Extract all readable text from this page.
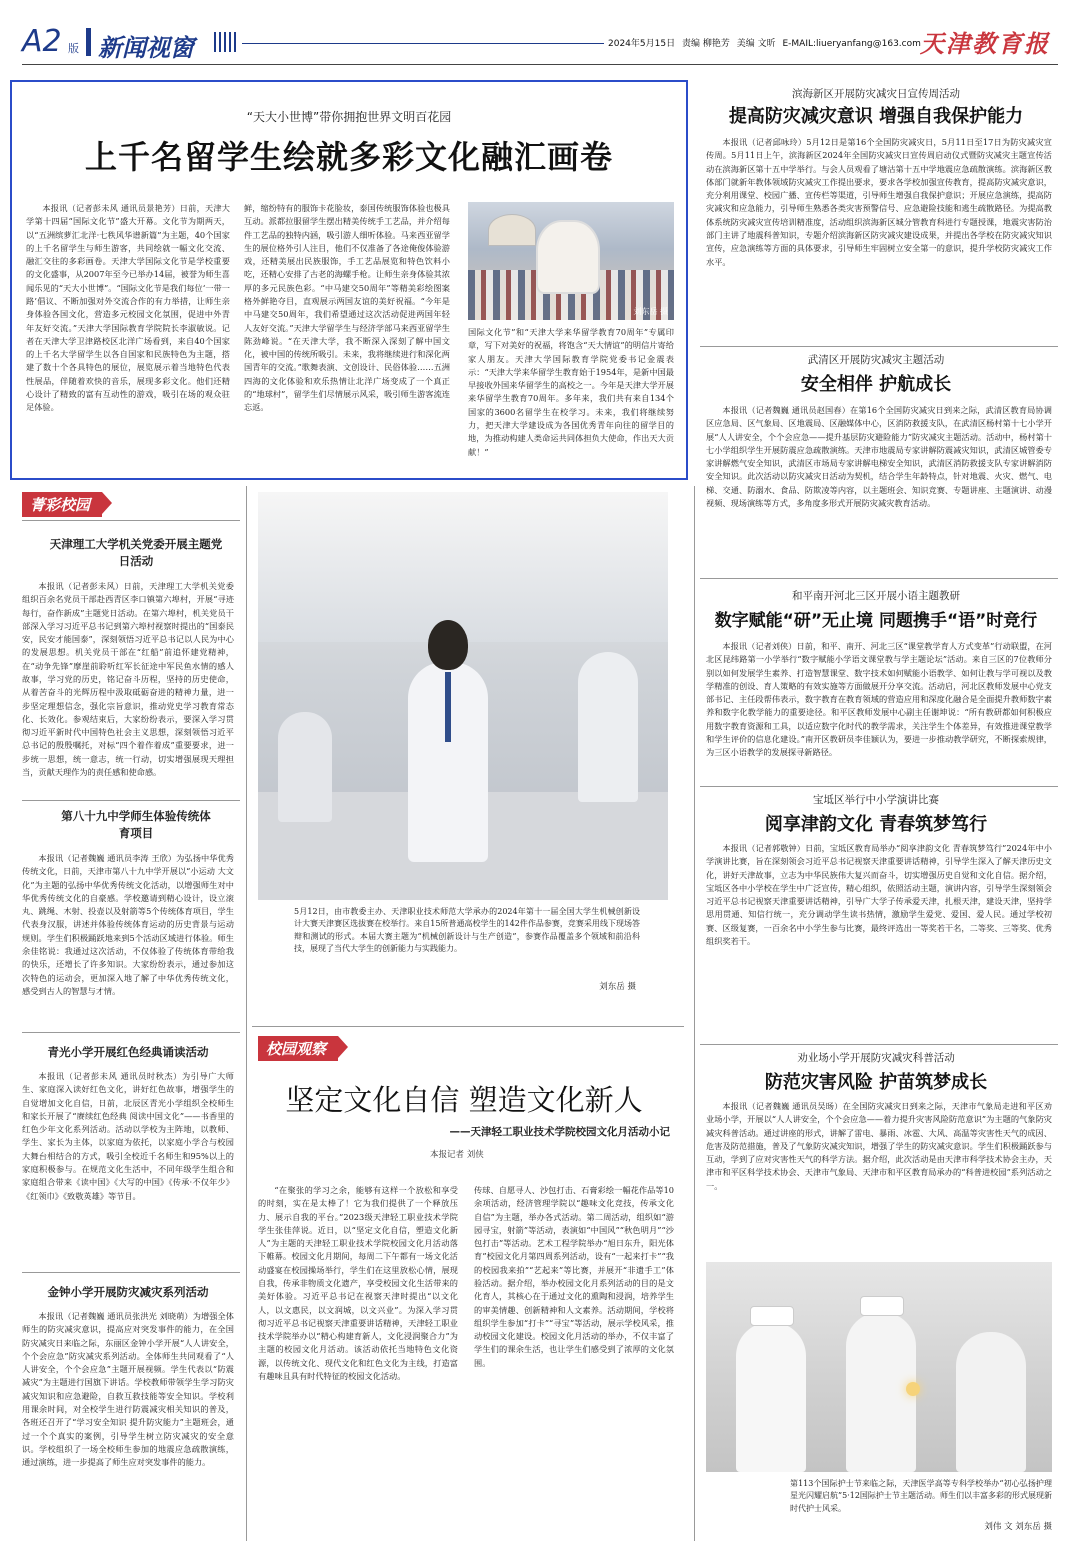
A2 版 新闻视窗	2024年5月15日 责编 柳艳芳 美编 文昕 E-MAIL:liueryanfang@163.com 天津教育报
“天大小世博”带你拥抱世界文明百花园
上千名留学生绘就多彩文化融汇画卷

本报讯（记者彭未风 通讯员景艳芳）日前，天津大学第十四届“国际文化节”盛大开幕。文化节为期两天，以“五洲缤萝汇北洋·七秩风华谱新篇”为主题，40个国家的上千名留学生与师生游客，共同绘就一幅文化交流、融汇交往的多彩画卷。天津大学国际文化节是学校重要的文化盛事，从2007年至今已举办14届，被誉为师生喜闻乐见的“天大小世博”。“国际文化节是我们每位‘一带一路’倡议、不断加强对外交流合作的有力举措，让师生亲身体验各国文化，营造多元校园文化氛围，促进中外青年友好交流。”天津大学国际教育学院院长李淑敏说。记者在天津大学卫津路校区北洋广场看到，来自40个国家的上千名大学留学生以各自国家和民族特色为主题，搭建了数十个各具特色的展位，展览展示着当地特色代表性展品，伴随着欢快的音乐，展现多彩文化。他们还精心设计了精致的富有互动性的游戏，吸引在场的观众驻足体验。

鲜，缩纷特有的服饰卡花脸妆，泰国传统服饰体验也极具互动。派都拉服留学生摆出精美传统手工艺品，并介绍每件工艺品的独特内涵，吸引游人细听体验。马来西亚留学生的展位格外引人注目，他们不仅准备了各途俺俊体验游戏，还精美展出民族服饰，手工艺品展览和特色饮料小吃，还精心安排了古老的海螺手枪。让师生亲身体验其浓厚的多元民族色彩。“中马建交50周年”等精美彩绘图案格外鲜艳夺目，直观展示两国友谊的美好祝福。“今年是中马建交50周年，我们希望通过这次活动促进两国年轻人友好交流。”天津大学留学生与经济学部马来西亚留学生陈劲峰说。“在天津大学，我不断深入深刻了解中国文化，被中国的传统所吸引。未来，我将继续进行和深化两国青年的交流。”歌舞表演、文创设计、民俗体验……五洲四海的文化体验和欢乐热情让北洋广场变成了一个真正的“地球村”，留学生们尽情展示风采，吸引师生游客流连忘返。

刘东岳 摄

国际文化节”和“天津大学来华留学教育70周年”专属印章，写下对美好的祝福，将饱含“天大情谊”的明信片寄给家人朋友。天津大学国际教育学院党委书记金震表示：“天津大学来华留学生教育始于1954年，是新中国最早接收外国来华留学生的高校之一。今年是天津大学开展来华留学生教育70周年。多年来，我们共有来自134个国家的3600名留学生在校学习。未来，我们将继续努力，把天津大学建设成为各国优秀青年向往的留学目的地，为推动构建人类命运共同体担负大使命，作出天大贡献！”

菁彩校园
天津理工大学机关党委开展主题党日活动

本报讯（记者彭未风）日前，天津理工大学机关党委组织百余名党员干部赴西青区李口镇第六埠村，开展“寻迹每行，奋作新成”主题党日活动。在第六埠村，机关党员干部深入学习习近平总书记到第六埠村视察时提出的“国泰民安，民安才能国泰”，深刻领悟习近平总书记以人民为中心的发展思想。机关党员干部在“红船”前追怀建党精神，在“动争先锋”摩崖前聆听红军长征途中军民鱼水情的感人故事，学习党的历史，铭记奋斗历程，坚持的历史使命，从着苦奋斗的光辉历程中汲取砥砺奋进的精神力量，进一步坚定理想信念，强化宗旨意识，推动党史学习教育常态化、长效化。参观结束后，大家纷纷表示，要深入学习贯彻习近平新时代中国特色社会主义思想，深刻领悟习近平总书记的殷殷嘱托，对标“四个着作着成”重要要求，进一步统一思想，统一意志，统一行动，切实增强展现天理担当，贡献天理作为的责任感和使命感。

第八十九中学师生体验传统体育项目

本报讯（记者魏巍 通讯员李涛 王欣）为弘扬中华优秀传统文化，日前，天津市第八十九中学开展以“小运动 大文化”为主题的弘扬中华优秀传统文化活动，以增强师生对中华优秀传统文化的自豪感。学校邀请到精心设计，设立滚丸、跳绳、木射、投壶以及射箭等5个传统体育项目，学生代表身汉服，讲述并体验传统体育运动的历史背景与运动规则。学生们积极踊跃地来到5个活动区域进行体验。师生余佳铭说：我通过这次活动，不仅体验了传统体育带给我的快乐，还增长了许多知识。大家纷纷表示，通过参加这次特色的运动会，更加深入地了解了中华优秀传统文化，感受到古人的智慧与才情。

青光小学开展红色经典诵读活动

本报讯（记者彭未风 通讯员时秋杰）为引导广大师生、家庭深入读好红色文化，讲好红色故事，增强学生的自觉增加文化自信，日前，北辰区青光小学组织全校师生和家长开展了“赓续红色经典 阅读中国文化”——书香里的红色少年文化系列活动。活动以学校为主阵地，以教师、学生、家长为主体，以家庭为依托，以家庭小学合与校园大舞台相结合的方式，吸引全校近千名师生和95%以上的家庭积极参与。在规范文化生活中，不同年级学生组合和家庭组合带来《读中国》《大写的中国》《传承·不仅年少》《红领巾》《致敬英雄》等节目。

金钟小学开展防灾减灾系列活动

本报讯（记者魏巍 通讯员张洪光 刘晓萌）为增强全体师生的防灾减灾意识，提高应对突发事件的能力，在全国防灾减灾日来临之际，东丽区金钟小学开展“人人讲安全，个个会应急”防灾减灾系列活动。全体师生共同观看了“人人讲安全，个个会应急”主题开展视频。学生代表以“防震减灾”为主题进行国旗下讲话。学校教师带领学生学习防灾减灾知识和应急避险，自救互救技能等安全知识。学校利用课余时间，对全校学生进行防震减灾相关知识的普及，各班还召开了“学习安全知识 提升防灾能力”主题班会，通过一个个真实的案例，引导学生树立防灾减灾的安全意识。学校组织了一场全校师生参加的地震应急疏散演练，通过演练，进一步提高了师生应对突发事件的能力。

5月12日，由市教委主办、天津职业技术师范大学承办的2024年第十一届全国大学生机械创新设计大赛天津赛区选拔赛在校举行。来自15所普通高校学生的142件作品参赛，竞赛采用线下现场答辩和测试的形式。本届大赛主题为“机械创新设计与生产创造”，参赛作品覆盖多个领域和前沿科技，展现了当代大学生的创新能力与实践能力。
刘东岳 摄
校园观察
坚定文化自信 塑造文化新人
——天津轻工职业技术学院校园文化月活动小记
本报记者 刘侠

“在聚张的学习之余，能够有这样一个放松和享受的时刻，实在是太棒了！它为我们提供了一个释放压力、展示自我的平台。”2023级天津轻工职业技术学院学生张佳萍说。近日，以“坚定文化自信，塑造文化新人”为主题的天津轻工职业技术学院校园文化月活动落下帷幕。校园文化月期间，每周二下午都有一场文化活动盛宴在校园操场举行，学生们在这里放松心情，展现自我，传承非物质文化遗产，享受校园文化生活带来的美好体验。习近平总书记在视察天津时提出“以文化人，以文惠民，以文润城，以文兴业”。为深入学习贯彻习近平总书记视察天津重要讲话精神，天津轻工职业技术学院举办以“精心构建育新人，文化浸润聚合力”为主题的校园文化月活动。该活动依托当地特色文化资源，以传统文化、现代文化和红色文化为主线，打造富有趣味且具有时代特征的校园文化活动。

传球、自愿寻人、沙包打击、石膏彩绘一幅花作品等10余项活动，经济管理学院以“趣味文化竞技，传承文化自信”为主题，举办各式活动。第二周活动，组织如“游园寻宝，射箭”等活动，表演如“中国风”“秋色明月”“沙包打击”等活动。艺术工程学院举办“旭日东升，阳光体育”校园文化月第四周系列活动，设有“一起来打卡”“我的校园我来拍”“艺起来”等比赛，并展开“非遗手工”体验活动。据介绍，举办校园文化月系列活动的目的是文化育人，其核心在于通过文化的熏陶和浸润，培养学生的审美情趣、创新精神和人文素养。活动期间，学校将组织学生参加“打卡”“寻宝”等活动，展示学校风采，推动校园文化建设。校园文化月活动的举办，不仅丰富了学生们的课余生活，也让学生们感受到了浓厚的文化氛围。

滨海新区开展防灾减灾日宣传周活动
提高防灾减灾意识 增强自我保护能力

本报讯（记者邱咏玲）5月12日是第16个全国防灾减灾日，5月11日至17日为防灾减灾宣传周。5月11日上午，滨海新区2024年全国防灾减灾日宣传周启动仪式暨防灾减灾主题宣传活动在滨海新区第十五中学举行。与会人员观看了塘沽第十五中学地震应急疏散演练。滨海新区教体部门就新年教体领域防灾减灾工作提出要求，要求各学校加强宣传教育，提高防灾减灾意识，充分利用课堂、校园广播、宣传栏等渠道，引导师生增强自我保护意识；开展应急演练，提高防灾减灾和应急能力，引导师生熟悉各类灾害预警信号、应急避险技能和逃生疏散路径。为提高教体系统防灾减灾宣传培训精准度，活动组织滨海新区城分管教育科进行专题授课，地震灾害防治部门主讲了地震科普知识，专题介绍滨海新区防灾减灾建设成果，并提出各学校在防灾减灾知识宣传，应急演练等方面的具体要求，引导师生牢固树立安全第一的意识，提升学校防灾减灾工作水平。

武清区开展防灾减灾主题活动
安全相伴 护航成长

本报讯（记者魏巍 通讯员赵国春）在第16个全国防灾减灾日到来之际，武清区教育局协调区应急局、区气象局、区地震局、区融媒体中心，区消防救援支队，在武清区杨村第十七小学开展“人人讲安全，个个会应急——提升基层防灾避险能力”防灾减灾主题活动。活动中，杨村第十七小学组织学生开展防震应急疏散演练。天津市地震局专家讲解防震减灾知识，武清区城管委专家讲解燃气安全知识，武清区市场局专家讲解电梯安全知识，武清区消防救援支队专家讲解消防安全知识。此次活动以防灾减灾日活动为契机，结合学生年龄特点，针对地震、火灾、燃气、电梯、交通、防溺水、食品、防欺凌等内容，以主题班会、知识竞赛、专题讲座、主题演讲、动漫视频、现场演练等方式，多角度多形式开展防灾减灾教育活动。

和平南开河北三区开展小语主题教研
数字赋能“研”无止境 同题携手“语”时竞行

本报讯（记者刘侠）日前，和平、南开、河北三区“课堂教学育人方式变革”行动联盟，在河北区昆纬路第一小学举行“数字赋能小学语文课堂教与学主题论坛”活动。来自三区的7位教师分别以如何发展学生素养、打造智慧课堂、数字技术如何赋能小语教学、如何让教与学可视以及教学精准的创设、育人策略的有效实施等方面做展开分享交流。活动启，河北区教师发展中心党支部书记、主任段帮伟表示，数字教育在教育领域的营造应用和深度化融合是全面提升教师数字素养和数字化教学能力的重要途径。和平区教师发展中心副主任谢坤说：“所有教研都如何积极应用数字教育资源和工具，以适应数字化时代的教学需求，关注学生个体差异，有效推进课堂教学和学生评价的信息化建设。”南开区教研员李佳颖认为，要进一步推动教学研究，不断探索规律，为三区小语教学的发展探寻新路径。

宝坻区举行中小学演讲比赛
阅享津韵文化 青春筑梦笃行

本报讯（记者郭敬钟）日前，宝坻区教育局举办“阅享津韵文化 青春筑梦笃行”2024年中小学演讲比赛，旨在深刻领会习近平总书记视察天津重要讲话精神，引导学生深入了解天津历史文化，讲好天津故事，立志为中华民族伟大复兴而奋斗，切实增强历史自觉和文化自信。据介绍，宝坻区各中小学校在学生中广泛宣传，精心组织，依照活动主题，演讲内容，引导学生深刻领会习近平总书记视察天津重要讲话精神，引导广大学子传承爱天津，扎根天津，建设天津，坚持学思用贯通、知信行统一，充分调动学生读书热情，激励学生爱党、爱国、爱人民。通过学校初赛、区级复赛，一百余名中小学生参与比赛，最终评选出一等奖若干名，二等奖、三等奖、优秀组织奖若干。

劝业场小学开展防灾减灾科普活动
防范灾害风险 护苗筑梦成长

本报讯（记者魏巍 通讯员吴旸）在全国防灾减灾日到来之际，天津市气象局走进和平区劝业场小学，开展以“人人讲安全，个个会应急——着力提升灾害风险防范意识”为主题的气象防灾减灾科普活动。通过讲座的形式，讲解了雷电、暴雨、冰雹、大风、高温等灾害性天气的成因、危害及防范措施，普及了气象防灾减灾知识，增强了学生的防灾减灾意识。学生们积极踊跃参与互动，学到了应对灾害性天气的科学方法。据介绍，此次活动是由天津市科学技术协会主办，天津市和平区科学技术协会、天津市气象局、天津市和平区教育局承办的“科普进校园”系列活动之一。

第113个国际护士节来临之际，天津医学高等专科学校举办“初心弘扬护理 星光闪耀启航”5·12国际护士节主题活动。师生们以丰富多彩的形式展现新时代护士风采。
刘伟 文 刘东岳 摄
